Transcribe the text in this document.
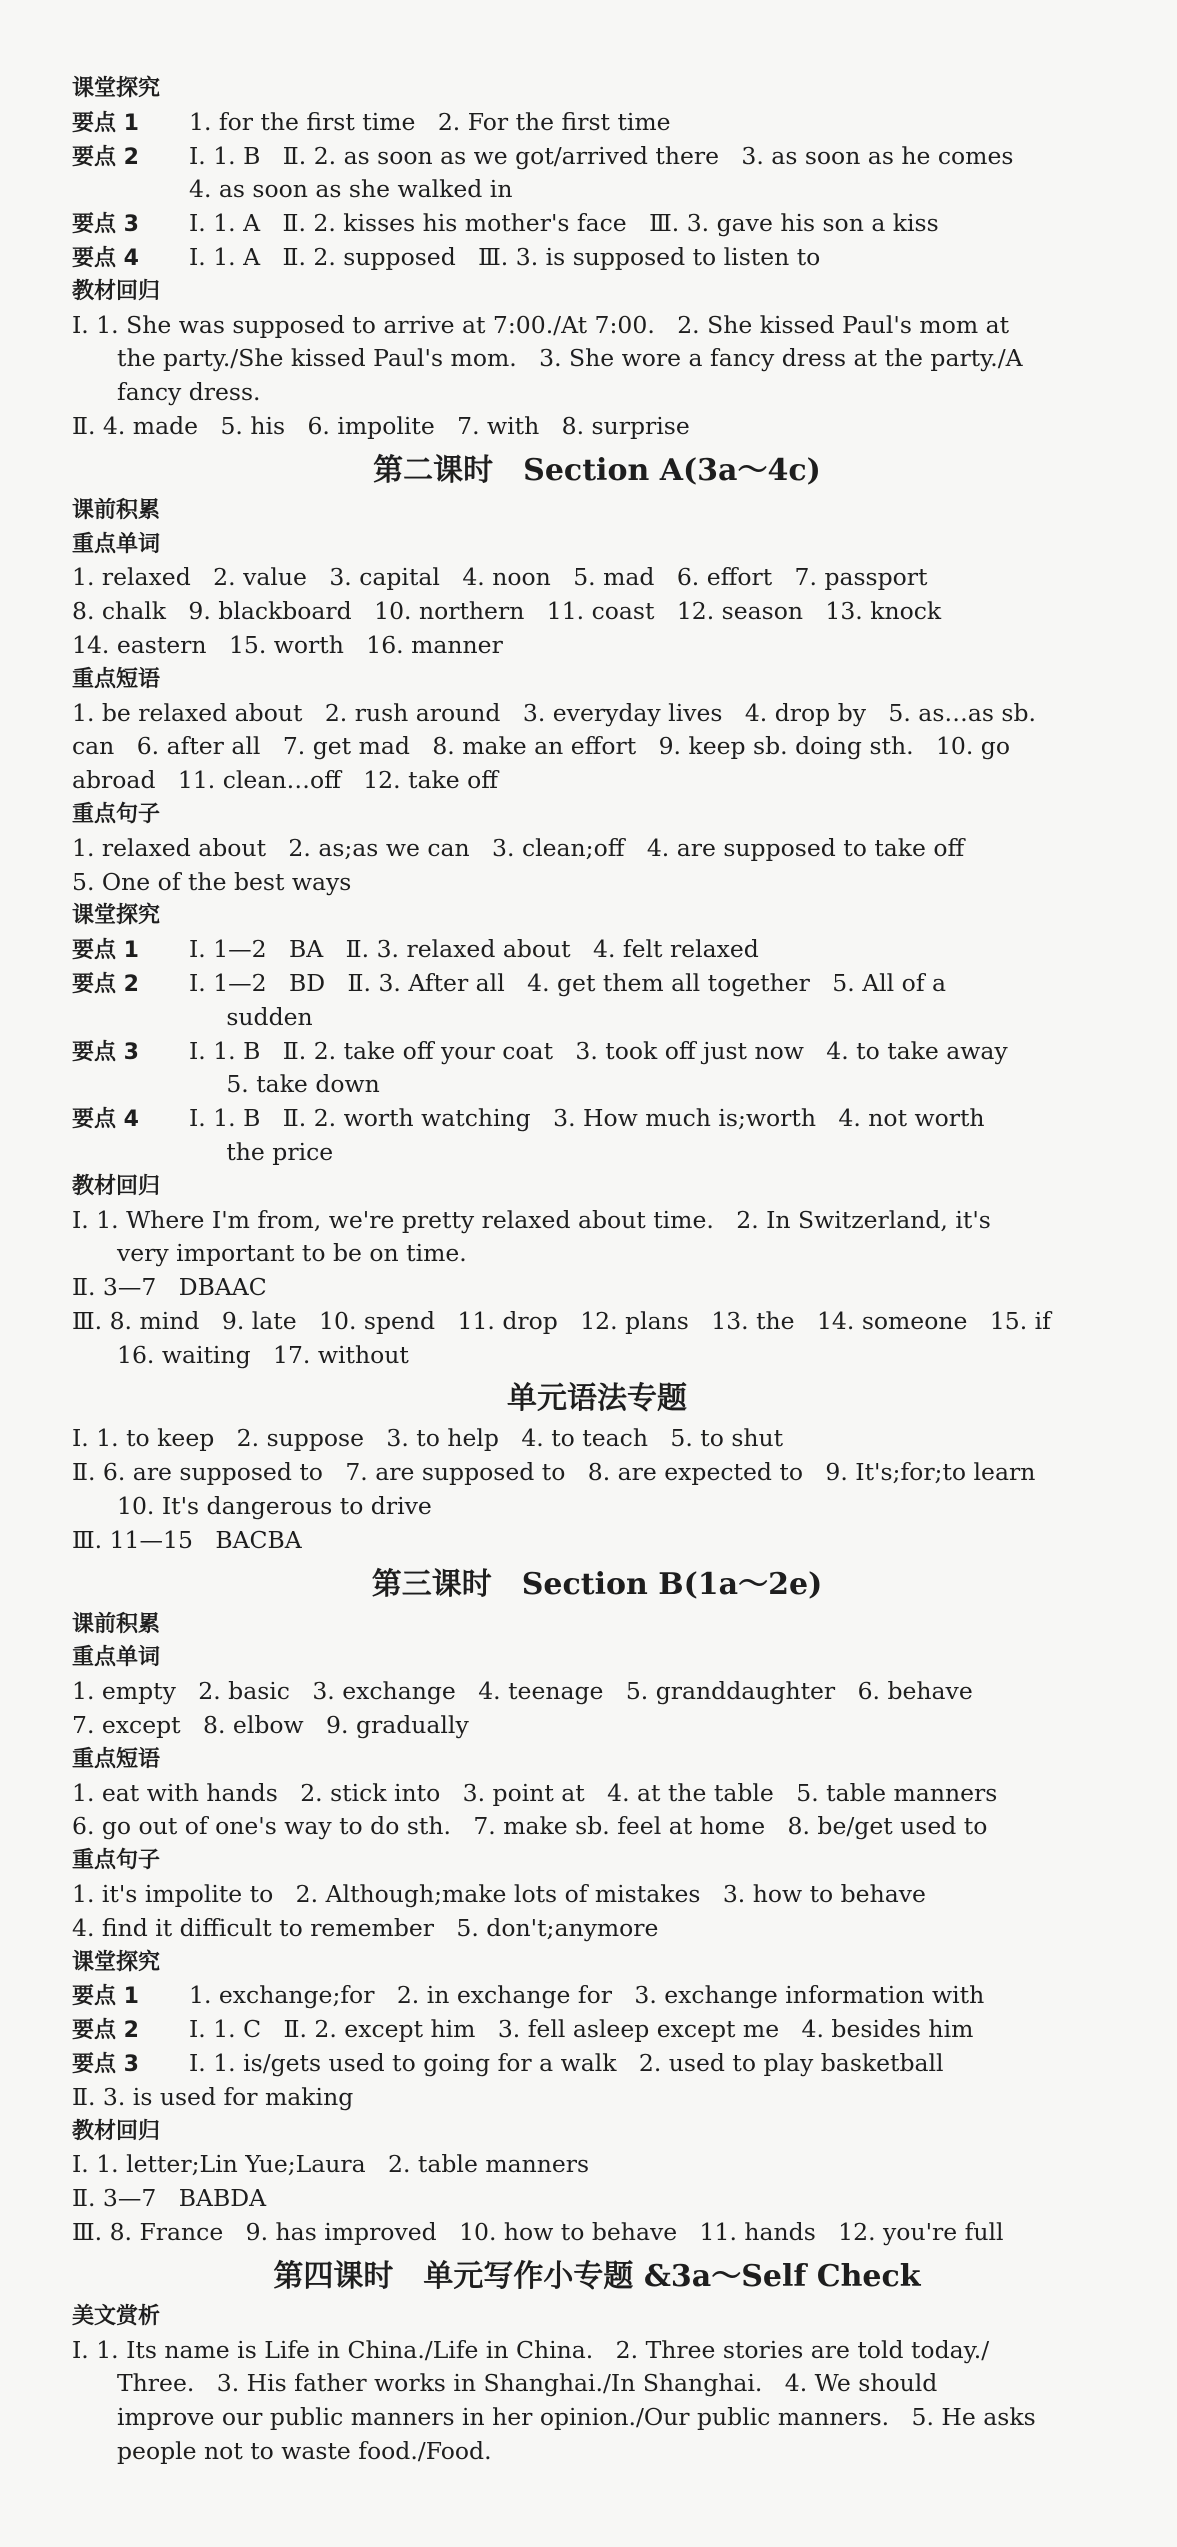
课堂探究
要点 1 1. for the first time   2. For the first time
要点 2 Ⅰ. 1. B   Ⅱ. 2. as soon as we got/arrived there   3. as soon as he comes
4. as soon as she walked in
要点 3 Ⅰ. 1. A   Ⅱ. 2. kisses his mother's face   Ⅲ. 3. gave his son a kiss
要点 4 Ⅰ. 1. A   Ⅱ. 2. supposed   Ⅲ. 3. is supposed to listen to
教材回归
Ⅰ. 1. She was supposed to arrive at 7:00./At 7:00.   2. She kissed Paul's mom at
the party./She kissed Paul's mom.   3. She wore a fancy dress at the party./A
fancy dress.
Ⅱ. 4. made   5. his   6. impolite   7. with   8. surprise
第二课时　Section A(3a～4c)
课前积累
重点单词
1. relaxed   2. value   3. capital   4. noon   5. mad   6. effort   7. passport
8. chalk   9. blackboard   10. northern   11. coast   12. season   13. knock
14. eastern   15. worth   16. manner
重点短语
1. be relaxed about   2. rush around   3. everyday lives   4. drop by   5. as…as sb.
can   6. after all   7. get mad   8. make an effort   9. keep sb. doing sth.   10. go
abroad   11. clean…off   12. take off
重点句子
1. relaxed about   2. as;as we can   3. clean;off   4. are supposed to take off
5. One of the best ways
课堂探究
要点 1 Ⅰ. 1—2   BA   Ⅱ. 3. relaxed about   4. felt relaxed
要点 2 Ⅰ. 1—2   BD   Ⅱ. 3. After all   4. get them all together   5. All of a
sudden
要点 3 Ⅰ. 1. B   Ⅱ. 2. take off your coat   3. took off just now   4. to take away
5. take down
要点 4 Ⅰ. 1. B   Ⅱ. 2. worth watching   3. How much is;worth   4. not worth
the price
教材回归
Ⅰ. 1. Where I'm from, we're pretty relaxed about time.   2. In Switzerland, it's
very important to be on time.
Ⅱ. 3—7   DBAAC
Ⅲ. 8. mind   9. late   10. spend   11. drop   12. plans   13. the   14. someone   15. if
16. waiting   17. without
单元语法专题
Ⅰ. 1. to keep   2. suppose   3. to help   4. to teach   5. to shut
Ⅱ. 6. are supposed to   7. are supposed to   8. are expected to   9. It's;for;to learn
10. It's dangerous to drive
Ⅲ. 11—15   BACBA
第三课时　Section B(1a～2e)
课前积累
重点单词
1. empty   2. basic   3. exchange   4. teenage   5. granddaughter   6. behave
7. except   8. elbow   9. gradually
重点短语
1. eat with hands   2. stick into   3. point at   4. at the table   5. table manners
6. go out of one's way to do sth.   7. make sb. feel at home   8. be/get used to
重点句子
1. it's impolite to   2. Although;make lots of mistakes   3. how to behave
4. find it difficult to remember   5. don't;anymore
课堂探究
要点 1 1. exchange;for   2. in exchange for   3. exchange information with
要点 2 Ⅰ. 1. C   Ⅱ. 2. except him   3. fell asleep except me   4. besides him
要点 3 Ⅰ. 1. is/gets used to going for a walk   2. used to play basketball
Ⅱ. 3. is used for making
教材回归
Ⅰ. 1. letter;Lin Yue;Laura   2. table manners
Ⅱ. 3—7   BABDA
Ⅲ. 8. France   9. has improved   10. how to behave   11. hands   12. you're full
第四课时　单元写作小专题 &3a～Self Check
美文赏析
Ⅰ. 1. Its name is Life in China./Life in China.   2. Three stories are told today./
Three.   3. His father works in Shanghai./In Shanghai.   4. We should
improve our public manners in her opinion./Our public manners.   5. He asks
people not to waste food./Food.
